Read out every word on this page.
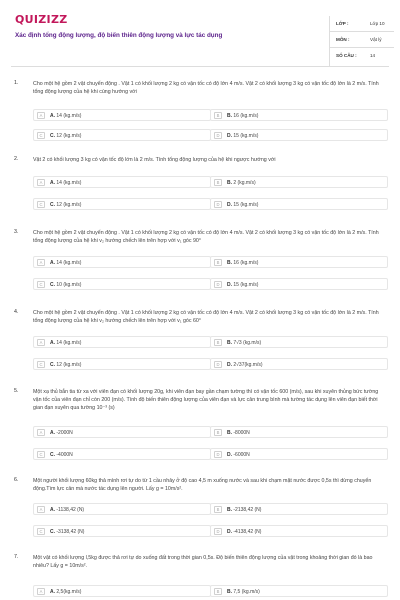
QUIZIZZ
Xác định tổng động lượng, độ biến thiên động lượng và lực tác dụng
LỚP :	Lớp 10
MÔN :	Vật lý
SỐ CÂU :	14
1.	Cho một hệ gồm 2 vật chuyển động . Vật 1 có khối lượng 2 kg có vận tốc có độ lớn 4 m/s. Vật 2 có khối lượng 3 kg có vận tốc độ lớn là 2 m/s. Tính tổng động lượng của hệ khi cùng hướng với
A	A. 14 (kg.m/s)	B	B. 16 (kg.m/s)
C	C. 12 (kg.m/s)	D	D. 15 (kg.m/s)
2.	Vật 2 có khối lượng 3 kg có vận tốc độ lớn là 2 m/s. Tính tổng động lượng của hệ khi ngược hướng với
A	A. 14 (kg.m/s)	B	B. 2 (kg.m/s)
C	C. 12 (kg.m/s)	D	D. 15 (kg.m/s)
3.	Cho một hệ gồm 2 vật chuyển động . Vật 1 có khối lượng 2 kg có vận tốc có độ lớn 4 m/s. Vật 2 có khối lượng 3 kg có vận tốc độ lớn là 2 m/s. Tính tổng động lượng của hệ khi v₂ hướng chếch lên trên hợp với v₁ góc 90°
A	A. 14 (kg.m/s)	B	B. 16 (kg.m/s)
C	C. 10 (kg.m/s)	D	D. 15 (kg.m/s)
4.	Cho một hệ gồm 2 vật chuyển động . Vật 1 có khối lượng 2 kg có vận tốc có độ lớn 4 m/s. Vật 2 có khối lượng 3 kg có vận tốc độ lớn là 2 m/s. Tính tổng động lượng của hệ khi v₂ hướng chếch lên trên hợp với v₁ góc 60°
A	A. 14 (kg.m/s)	B	B. 7√3 (kg.m/s)
C	C. 12 (kg.m/s)	D	D. 2√37(kg.m/s)
5.	Một xạ thủ bắn tia từ xa với viên đạn có khối lượng 20g, khi viên đạn bay gần chạm tường thì có vận tốc 600 (m/s), sau khi xuyên thủng bức tường vận tốc của viên đạn chỉ còn 200 (m/s). Tính độ biến thiên động lượng của viên đạn và lực cản trung bình mà tường tác dụng lên viên đạn biết thời gian đạn xuyên qua tường 10⁻³ (s)
A	A. -2000N	B	B. -8000N
C	C. -4000N	D	D. -6000N
6.	Một người khối lượng 60kg thả mình rơi tự do từ 1 cầu nhảy ở độ cao 4,5 m xuống nước và sau khi chạm mặt nước được 0,5s thì dừng chuyển động.Tìm lực cản mà nước tác dụng lên người. Lấy g = 10m/s².
A	A. -1138,42 (N)	B	B. -2138,42 (N)
C	C. -3138,42 (N)	D	D. -4138,42 (N)
7.	Một vật có khối lượng l,5kg được thả rơi tự do xuống đất trong thời gian 0,5s. Độ biến thiên động lượng của vật trong khoảng thời gian đó là bao nhiêu? Lấy g = 10m/s².
A	A. 2,5(kg.m/s)	B	B. 7,5 (kg.m/s)
